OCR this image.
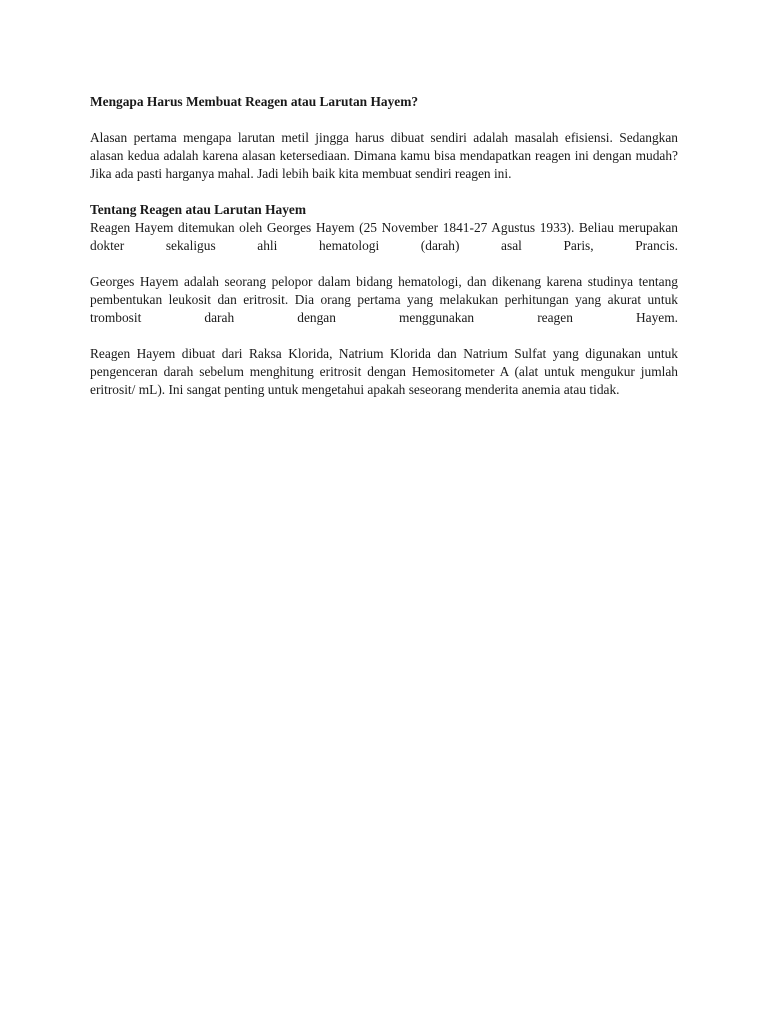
Mengapa Harus Membuat Reagen atau Larutan Hayem?

Alasan pertama mengapa larutan metil jingga harus dibuat sendiri adalah masalah efisiensi. Sedangkan alasan kedua adalah karena alasan ketersediaan. Dimana kamu bisa mendapatkan reagen ini dengan mudah? Jika ada pasti harganya mahal. Jadi lebih baik kita membuat sendiri reagen ini.

Tentang Reagen atau Larutan Hayem

Reagen Hayem ditemukan oleh Georges Hayem (25 November 1841-27 Agustus 1933). Beliau merupakan dokter sekaligus ahli hematologi (darah) asal Paris, Prancis.

Georges Hayem adalah seorang pelopor dalam bidang hematologi, dan dikenang karena studinya tentang pembentukan leukosit dan eritrosit. Dia orang pertama yang melakukan perhitungan yang akurat untuk trombosit darah dengan menggunakan reagen Hayem.

Reagen Hayem dibuat dari Raksa Klorida, Natrium Klorida dan Natrium Sulfat yang digunakan untuk pengenceran darah sebelum menghitung eritrosit dengan Hemositometer A (alat untuk mengukur jumlah eritrosit/ mL). Ini sangat penting untuk mengetahui apakah seseorang menderita anemia atau tidak.
